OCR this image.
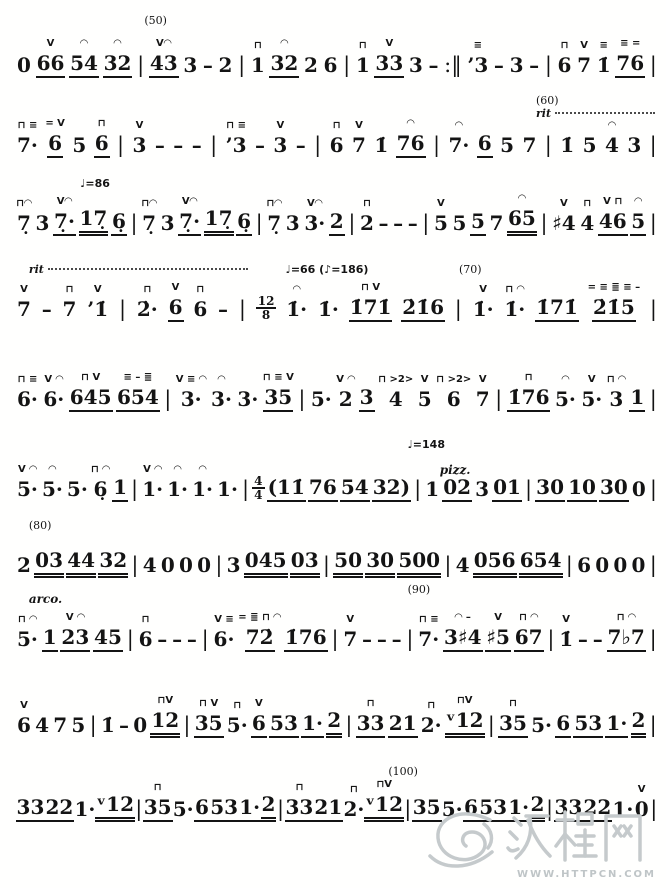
(50)
0
V
66
◠
54
◠
32 |
V◠
43 3 – 2 |
⊓
1
◠
32 2 6 |
⊓
1
V
33 3 – :‖
≡
’3 – 3 – |
⊓
6
V
7
≡
1̇
≡ =
76 |
(60)
rit
⊓ ≡
7·
= V
6 5
⊓
6 |
V
3 – – – |
⊓ ≡
’3 –
V
3 – |
⊓
6
V
7 1̇
◠
76 |
◠
7· 6 5 7 | 1̇ 5
◠
4 3 |
♩=86
⊓◠
7̣ 3
V◠
7̣· 17̣ 6̣ |
⊓◠
7̣ 3
V◠
7̣· 17̣ 6̣ |
⊓◠
7̣ 3
V◠
3· 2 |
⊓
2 – – – |
V
5 5 5 7
◠
65 |
V
♯4
⊓
4
V ⊓
46
◠
5 |
rit	♩=66 (♪=186)	(70)
V
7 –
⊓
7
V
’1̇ |
⊓
2̇·
V
6
⊓
6 – | $\frac{12}{8}$
◠
1̇· 1̇·
⊓ V
1̇71̇ 2̇1̇6 |
V
1̇·
⊓ ◠
1̇· 1̇71̇
= ≡ ≣ ≡ –
2̇1̇5 |
⊓ ≡
6·
V ◠
6·
⊓ V
645
≡ – ≣
654 |
V ≡ ◠
3·
◠
3· 3·
⊓ ≡ V
35 | 5·
V ◠
2 3
⊓ >2>
4
V
5
⊓ >2>
6
V
7 |
⊓
1̇76
◠
5·
V
5·
⊓ ◠
3 1 |
♩=148
pizz.
V ◠
5·
◠
5· 5·
⊓ ◠
6̣ 1 |
V ◠
1·
◠
1·
◠
1· 1· | $\frac{4}{4}$ (11̇ 76 54 32) | 1 02 3 01 | 30 10 30 0 |
(80)
2 03 44 32 | 4 0 0 0 | 3 045 03 | 50 30 500 | 4 056 654 | 6 0 0 0 |
arco.
(90)
⊓ ◠
5· 1
V ◠
23 45 |
⊓
6 – – – |
V ≡
6·
= ≣ ⊓ ◠
72̇ 1̇76 |
V
7 – – – |
⊓ ≡
7·
◠ –
3♯4
V
♯5
⊓ ◠
67 |
V
1̇ – –
⊓ ◠
7♭7 |
V
6 4 7 5 | 1̇ – 0
⊓V
12 |
⊓ V
35
⊓
5·
V
6 53 1· 2 |
⊓
33 21
⊓
2·
⊓V
ᵛ12 |
⊓
35 5· 6 53 1· 2 |
(100)
33 22 1· ᵛ12 |
⊓
35 5· 6 53 1· 2 |
⊓
33 21
⊓
2·
⊓V
ᵛ12 | 35 5· 6 53 1· 2 | 33 22 1·
V
0 |
WWW.HTTPCN.COM
